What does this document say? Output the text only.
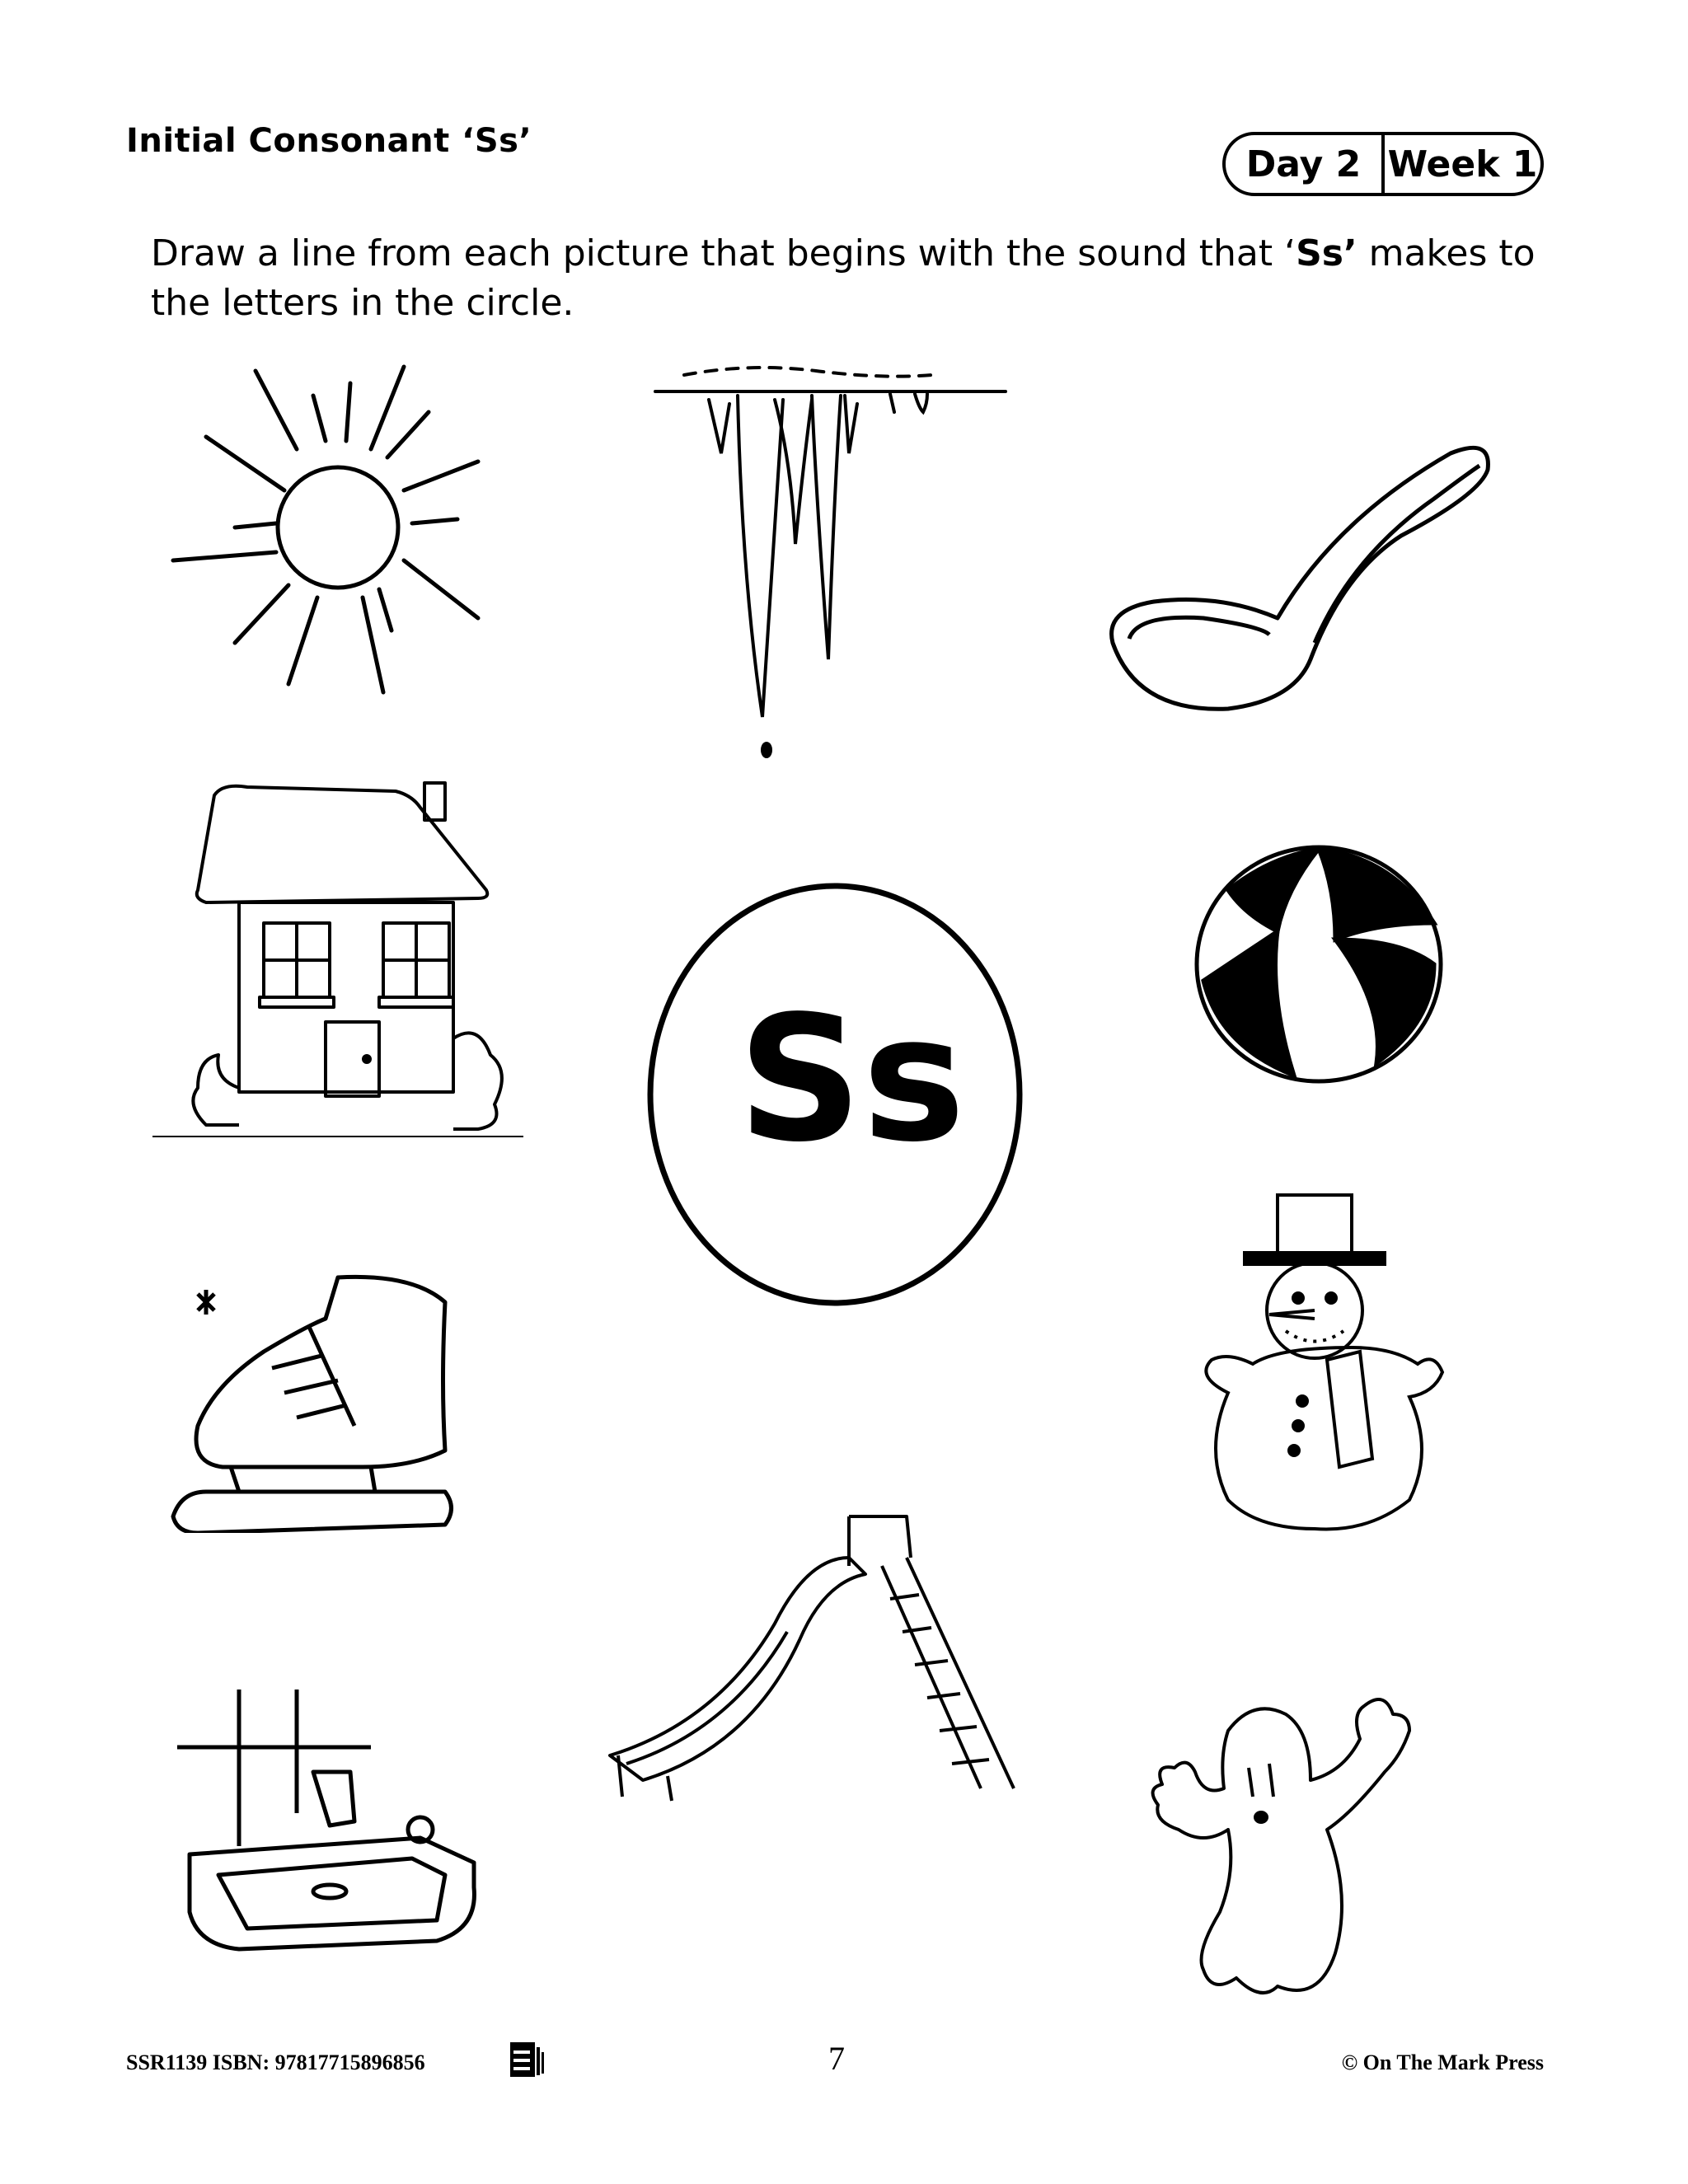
Initial Consonant ‘Ss’
Day 2 Week 1
Draw a line from each picture that begins with the sound that ‘Ss’ makes to the letters in the circle.
Ss
SSR1139 ISBN: 9781771589685​6	7	© On The Mark Press
